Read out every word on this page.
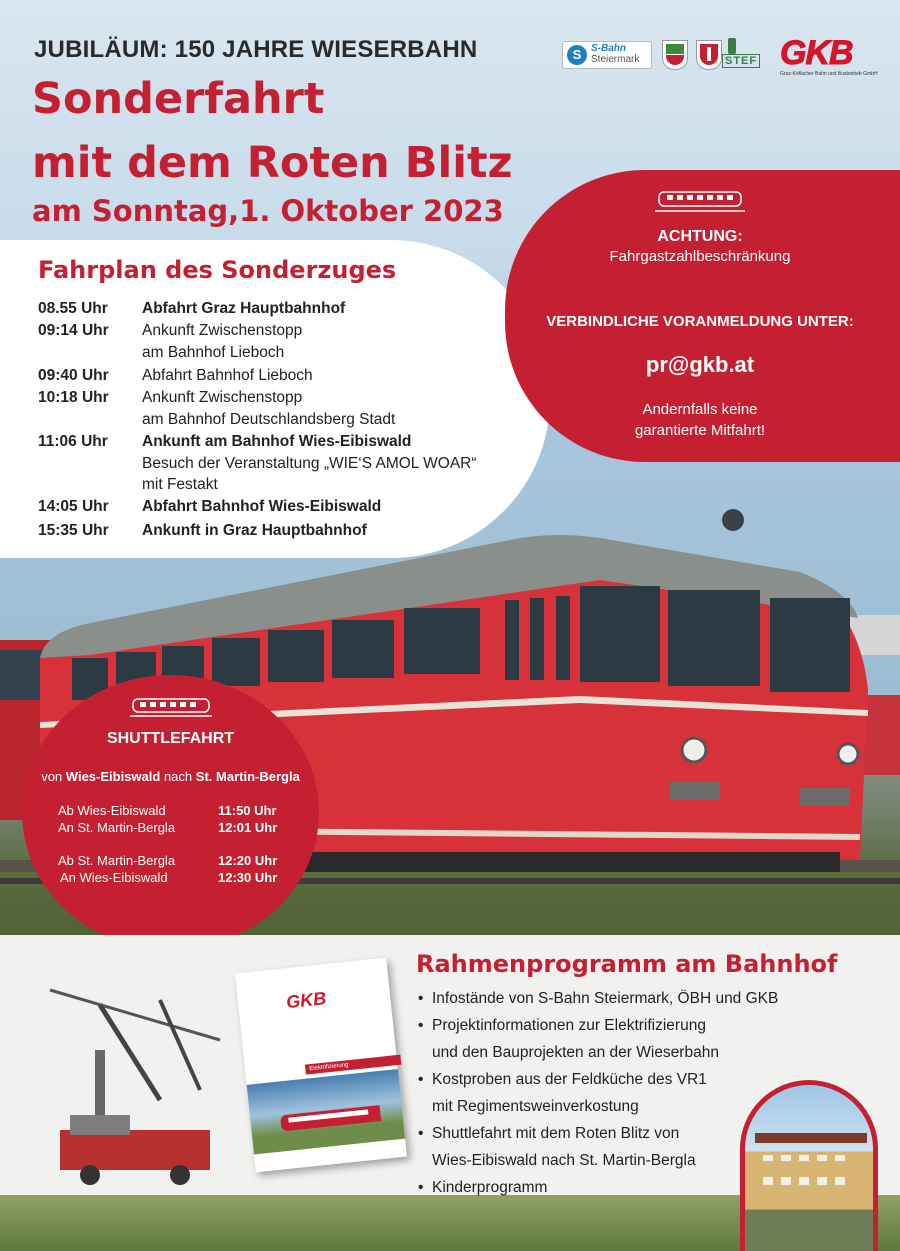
JUBILÄUM: 150 JAHRE WIESERBAHN
Sonderfahrt
mit dem Roten Blitz
am Sonntag,1. Oktober 2023
S S-Bahn
Steiermark	STEF GKB
Graz-Köflacher Bahn und Busbetrieb GmbH
Fahrplan des Sonderzuges
08.55 Uhr	Abfahrt Graz Hauptbahnhof
09:14 Uhr	Ankunft Zwischenstopp
am Bahnhof Lieboch
09:40 Uhr	Abfahrt Bahnhof Lieboch
10:18 Uhr	Ankunft Zwischenstopp
am Bahnhof Deutschlandsberg Stadt
11:06 Uhr	Ankunft am Bahnhof Wies-Eibiswald
Besuch der Veranstaltung „WIE‘S AMOL WOAR“
mit Festakt
14:05 Uhr	Abfahrt Bahnhof Wies-Eibiswald
15:35 Uhr	Ankunft in Graz Hauptbahnhof
ACHTUNG:
Fahrgastzahlbeschränkung
VERBINDLICHE VORANMELDUNG UNTER:
pr@gkb.at
Andernfalls keine
garantierte Mitfahrt!
SHUTTLEFAHRT
von Wies-Eibiswald nach St. Martin-Bergla
Ab Wies-Eibiswald	11:50 Uhr
An St. Martin-Bergla	12:01 Uhr
Ab St. Martin-Bergla	12:20 Uhr
An Wies-Eibiswald	12:30 Uhr
GKB
Elektrifizierung
Rahmenprogramm am Bahnhof
• Infostände von S-Bahn Steiermark, ÖBH und GKB
• Projektinformationen zur Elektrifizierung
und den Bauprojekten an der Wieserbahn
• Kostproben aus der Feldküche des VR1
mit Regimentsweinverkostung
• Shuttlefahrt mit dem Roten Blitz von
Wies-Eibiswald nach St. Martin-Bergla
• Kinderprogramm
